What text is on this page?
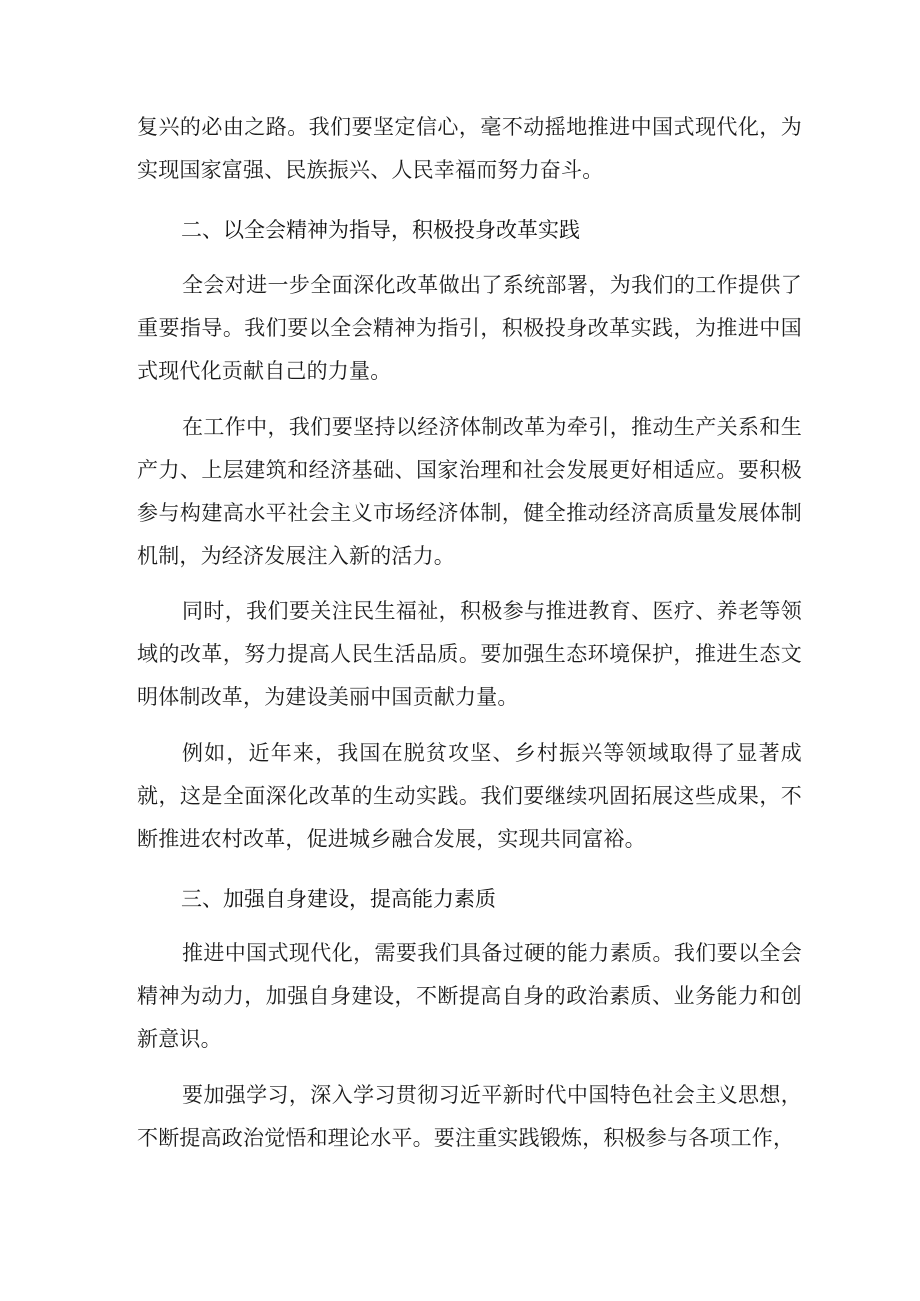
复兴的必由之路。我们要坚定信心，毫不动摇地推进中国式现代化，为实现国家富强、民族振兴、人民幸福而努力奋斗。

二、以全会精神为指导，积极投身改革实践

全会对进一步全面深化改革做出了系统部署，为我们的工作提供了重要指导。我们要以全会精神为指引，积极投身改革实践，为推进中国式现代化贡献自己的力量。

在工作中，我们要坚持以经济体制改革为牵引，推动生产关系和生产力、上层建筑和经济基础、国家治理和社会发展更好相适应。要积极参与构建高水平社会主义市场经济体制，健全推动经济高质量发展体制机制，为经济发展注入新的活力。

同时，我们要关注民生福祉，积极参与推进教育、医疗、养老等领域的改革，努力提高人民生活品质。要加强生态环境保护，推进生态文明体制改革，为建设美丽中国贡献力量。

例如，近年来，我国在脱贫攻坚、乡村振兴等领域取得了显著成就，这是全面深化改革的生动实践。我们要继续巩固拓展这些成果，不断推进农村改革，促进城乡融合发展，实现共同富裕。

三、加强自身建设，提高能力素质

推进中国式现代化，需要我们具备过硬的能力素质。我们要以全会精神为动力，加强自身建设，不断提高自身的政治素质、业务能力和创新意识。

要加强学习，深入学习贯彻习近平新时代中国特色社会主义思想，不断提高政治觉悟和理论水平。要注重实践锻炼，积极参与各项工作，
